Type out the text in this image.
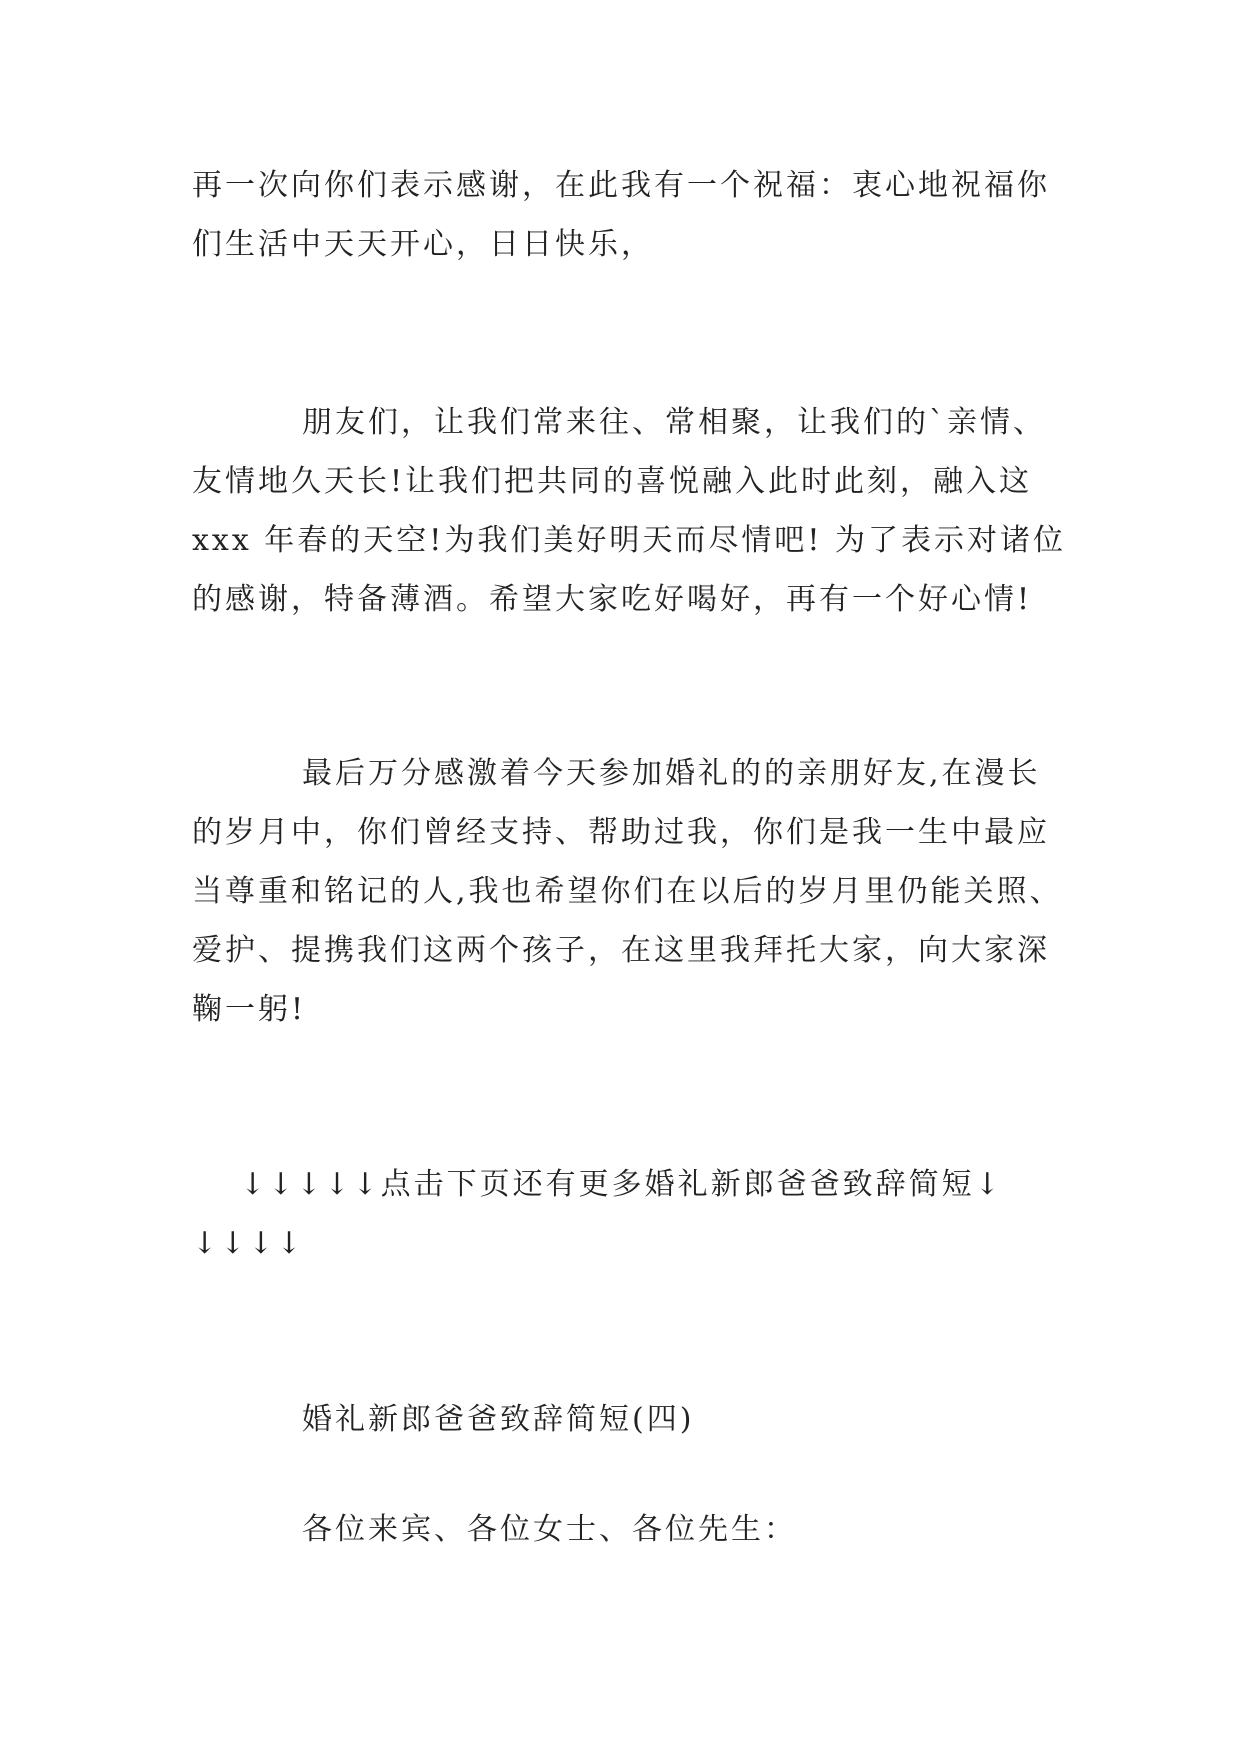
再一次向你们表示感谢，在此我有一个祝福：衷心地祝福你
们生活中天天开心，日日快乐，

朋友们，让我们常来往、常相聚，让我们的`亲情、
友情地久天长!让我们把共同的喜悦融入此时此刻，融入这
xxx 年春的天空!为我们美好明天而尽情吧! 为了表示对诸位
的感谢，特备薄酒。希望大家吃好喝好，再有一个好心情!

最后万分感激着今天参加婚礼的的亲朋好友,在漫长
的岁月中，你们曾经支持、帮助过我，你们是我一生中最应
当尊重和铭记的人,我也希望你们在以后的岁月里仍能关照、
爱护、提携我们这两个孩子，在这里我拜托大家，向大家深
鞠一躬!

↓↓↓↓↓点击下页还有更多婚礼新郎爸爸致辞简短↓
↓↓↓↓

婚礼新郎爸爸致辞简短(四)

各位来宾、各位女士、各位先生：
